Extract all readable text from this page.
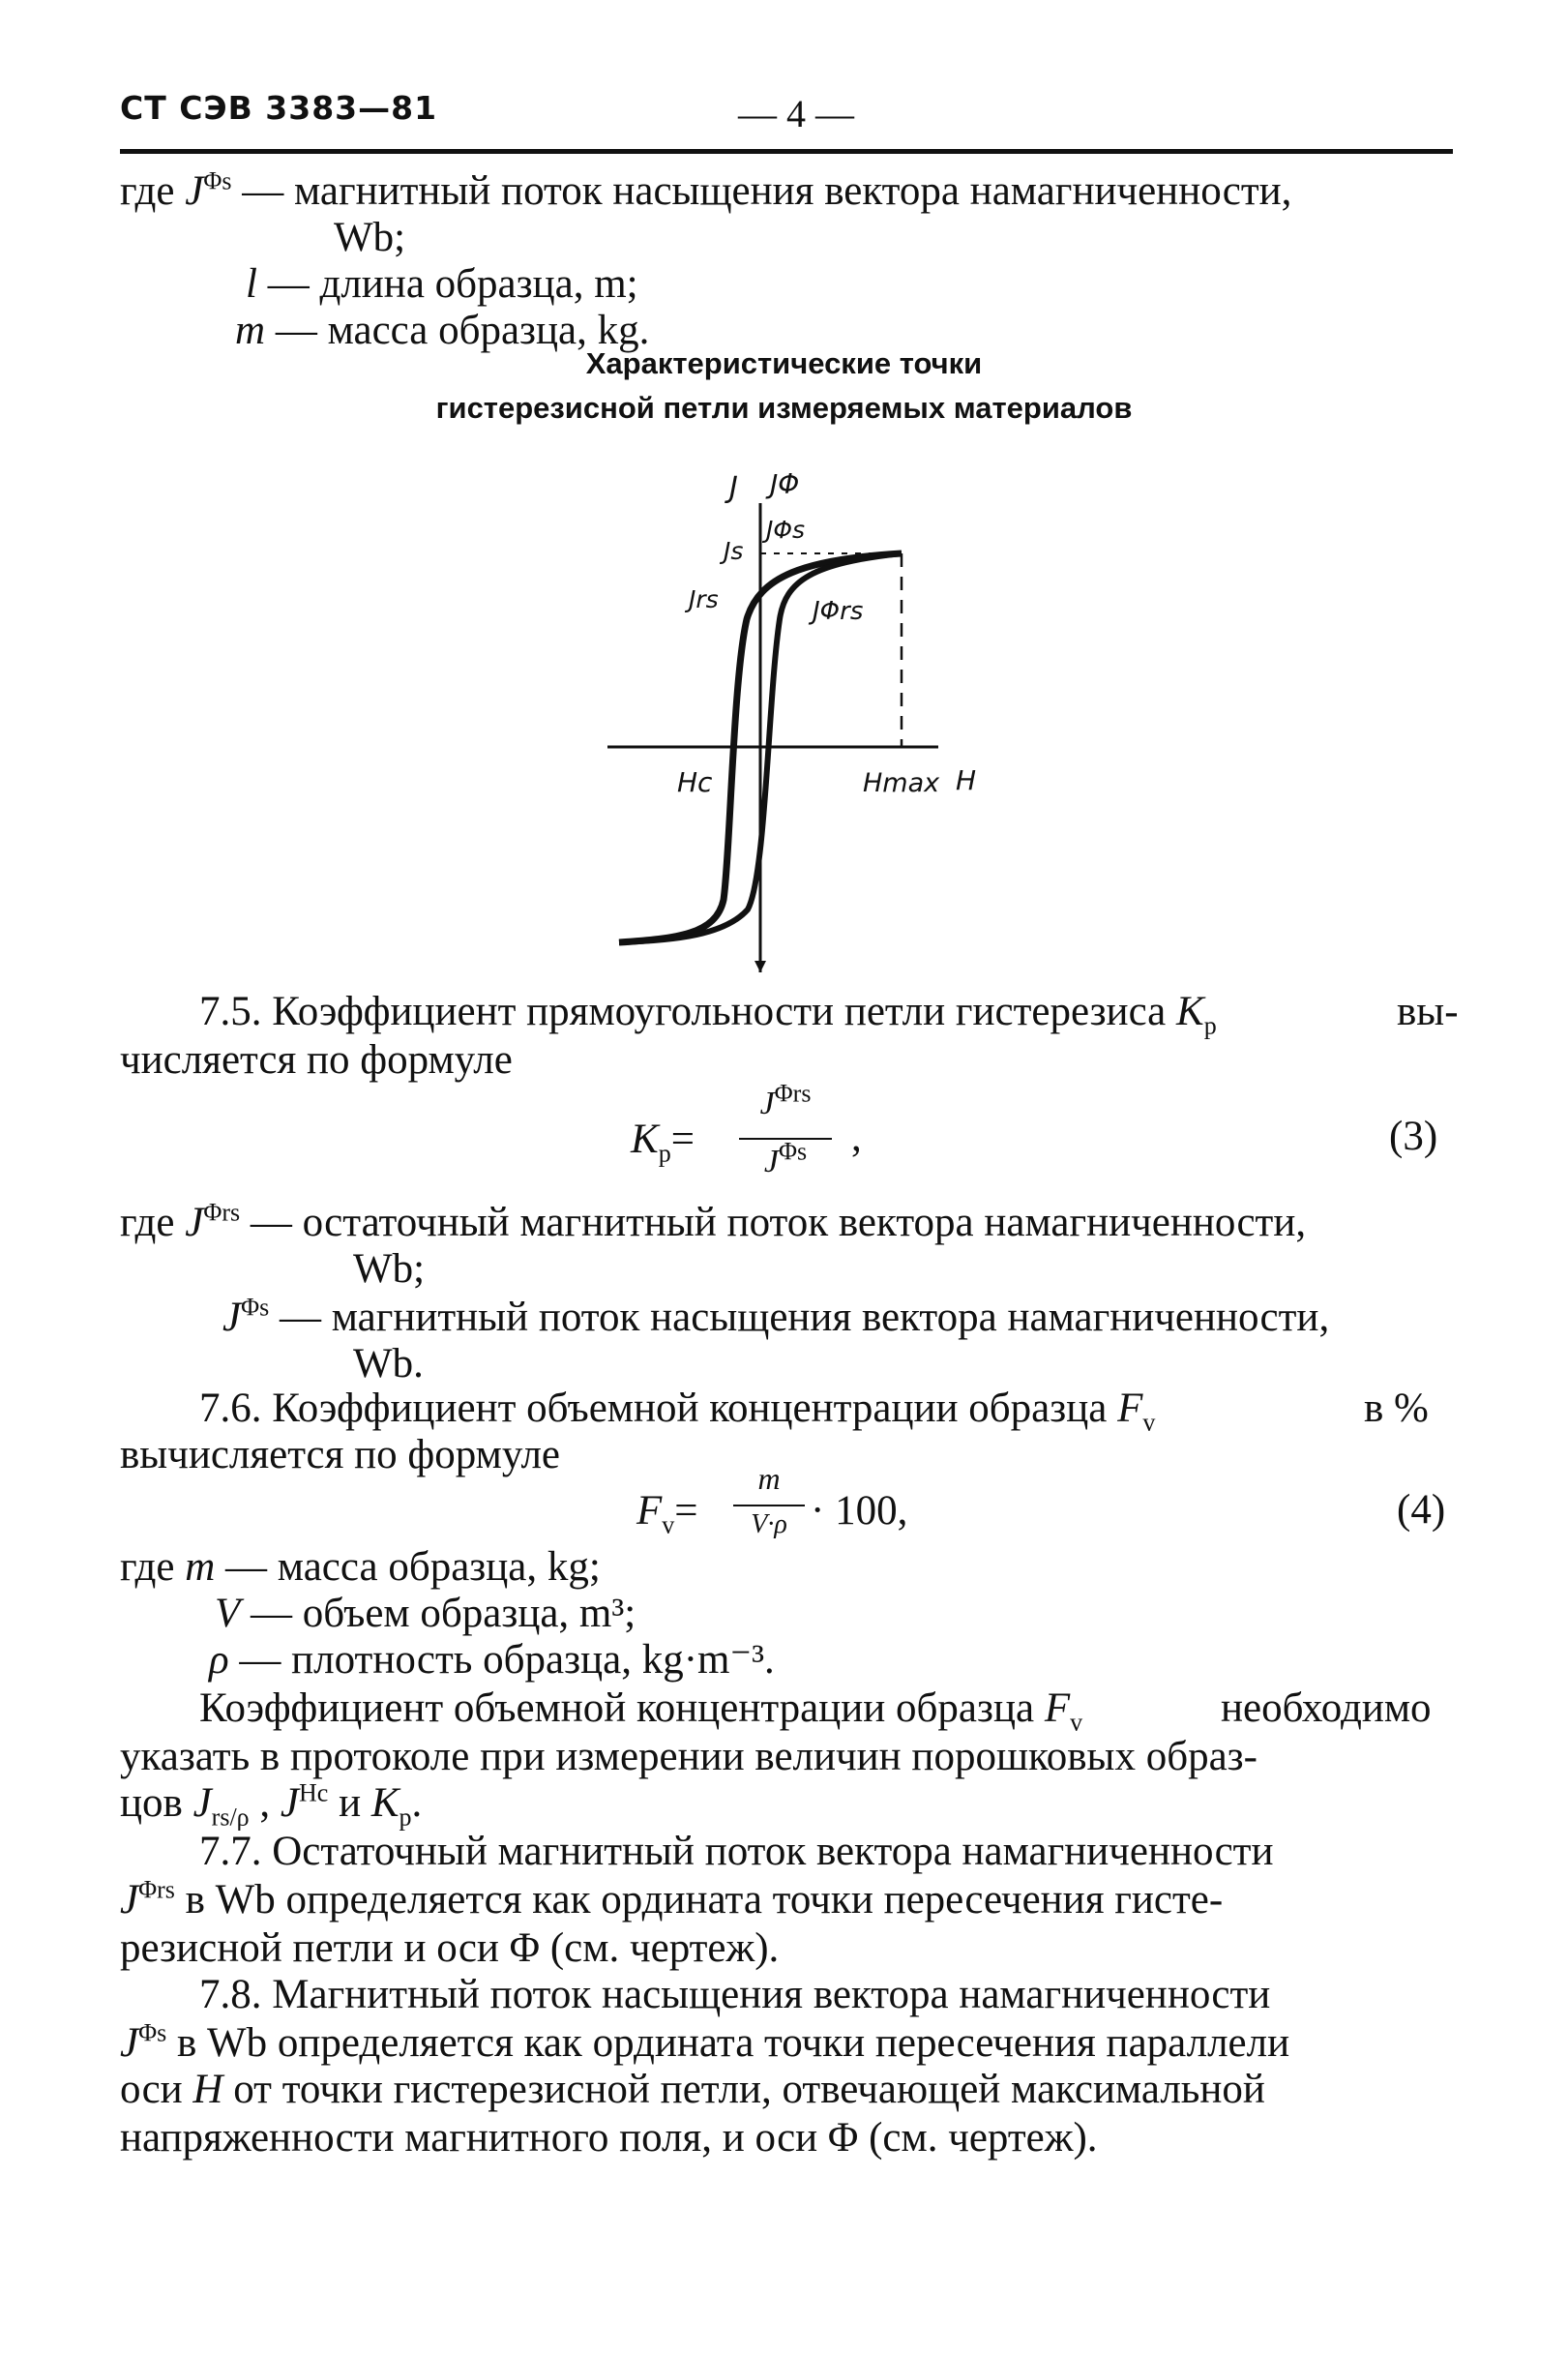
СТ СЭВ 3383—81	— 4 —
где $J^{\Phi s}$ — магнитный поток насыщения вектора намагниченности,
Wb;
l — длина образца, m;
m — масса образца, kg.
Характеристические точки
гистерезисной петли измеряемых материалов
J JΦ
JΦs
Js
Jrs	JΦrs
Hc	Hmax H
7.5. Коэффициент прямоугольности петли гистерезиса $K_p$	вы-
числяется по формуле
$K_p=$
$J^{\Phi rs}$
$J^{\Phi s}$	,	(3)
где $J^{\Phi rs}$ — остаточный магнитный поток вектора намагниченности,
Wb;
$J^{\Phi s}$ — магнитный поток насыщения вектора намагниченности,
Wb.
7.6. Коэффициент объемной концентрации образца $F_v$	в %
вычисляется по формуле
$F_v=$
m
V·ρ · 100,	(4)
где m — масса образца, kg;
V — объем образца, m³;
ρ — плотность образца, kg·m⁻³.
Коэффициент объемной концентрации образца $F_v$	необходимо
указать в протоколе при измерении величин порошковых образ-
цов $J_{rs/\rho}$ , $J^{Hc}$ и $K_p$.
7.7. Остаточный магнитный поток вектора намагниченности
$J^{\Phi rs}$ в Wb определяется как ордината точки пересечения гисте-
резисной петли и оси Φ (см. чертеж).
7.8. Магнитный поток насыщения вектора намагниченности
$J^{\Phi s}$ в Wb определяется как ордината точки пересечения параллели
оси H от точки гистерезисной петли, отвечающей максимальной
напряженности магнитного поля, и оси Φ (см. чертеж).
